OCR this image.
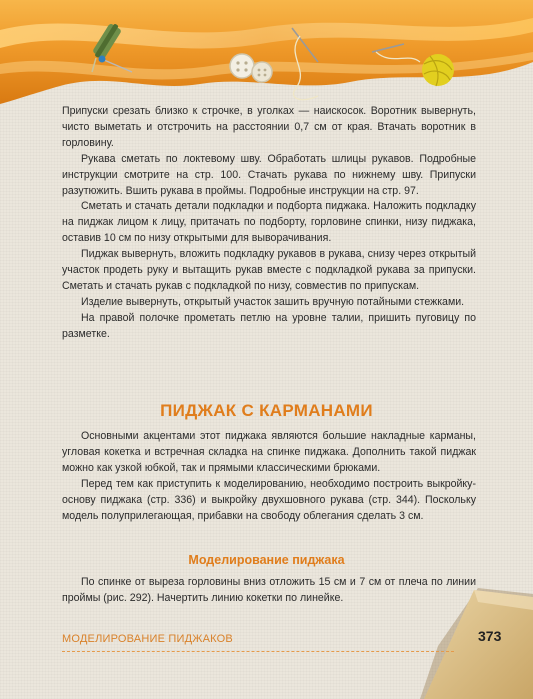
Припуски срезать близко к строчке, в уголках — наискосок. Воротник вывернуть, чисто выметать и отстрочить на расстоянии 0,7 см от края. Втачать воротник в горловину.

Рукава сметать по локтевому шву. Обработать шлицы рукавов. Подробные инструкции смотрите на стр. 100. Стачать рукава по нижнему шву. Припуски разутюжить. Вшить рукава в проймы. Подробные инструкции на стр. 97.

Сметать и стачать детали подкладки и подборта пиджака. Наложить подкладку на пиджак лицом к лицу, притачать по подборту, горловине спинки, низу пиджака, оставив 10 см по низу открытыми для выворачивания.

Пиджак вывернуть, вложить подкладку рукавов в рукава, снизу через открытый участок продеть руку и вытащить рукав вместе с подкладкой рукава за припуски. Сметать и стачать рукав с подкладкой по низу, совместив по припускам.

Изделие вывернуть, открытый участок зашить вручную потайными стежками.

На правой полочке прометать петлю на уровне талии, пришить пуговицу по разметке.

ПИДЖАК С КАРМАНАМИ

Основными акцентами этот пиджака являются большие накладные карманы, угловая кокетка и встречная складка на спинке пиджака. Дополнить такой пиджак можно как узкой юбкой, так и прямыми классическими брюками.

Перед тем как приступить к моделированию, необходимо построить выкройку-основу пиджака (стр. 336) и выкройку двухшовного рукава (стр. 344). Поскольку модель полуприлегающая, прибавки на свободу облегания сделать 3 см.

Моделирование пиджака

По спинке от выреза горловины вниз отложить 15 см и 7 см от плеча по линии проймы (рис. 292). Начертить линию кокетки по линейке.

МОДЕЛИРОВАНИЕ ПИДЖАКОВ	373
